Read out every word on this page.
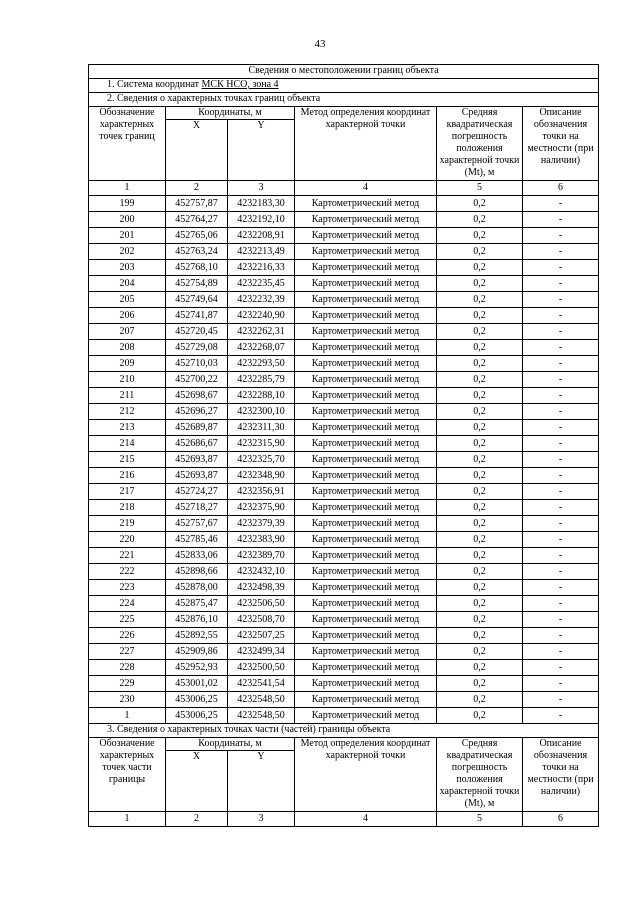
43
Сведения о местоположении границ объекта					
1. Система координат МСК НСО, зона 4					
2. Сведения о характерных точках границ объекта					
Обозначение характерных точек границ	Координаты, м		Метод определения координат характерной точки	Средняя квадратическая погрешность положения характерной точки (Mt), м	Описание обозначения точки на местности (при наличии)
	X	Y			
1	2	3	4	5	6
199	452757,87	4232183,30	Картометрический метод	0,2	-
200	452764,27	4232192,10	Картометрический метод	0,2	-
201	452765,06	4232208,91	Картометрический метод	0,2	-
202	452763,24	4232213,49	Картометрический метод	0,2	-
203	452768,10	4232216,33	Картометрический метод	0,2	-
204	452754,89	4232235,45	Картометрический метод	0,2	-
205	452749,64	4232232,39	Картометрический метод	0,2	-
206	452741,87	4232240,90	Картометрический метод	0,2	-
207	452720,45	4232262,31	Картометрический метод	0,2	-
208	452729,08	4232268,07	Картометрический метод	0,2	-
209	452710,03	4232293,50	Картометрический метод	0,2	-
210	452700,22	4232285,79	Картометрический метод	0,2	-
211	452698,67	4232288,10	Картометрический метод	0,2	-
212	452696,27	4232300,10	Картометрический метод	0,2	-
213	452689,87	4232311,30	Картометрический метод	0,2	-
214	452686,67	4232315,90	Картометрический метод	0,2	-
215	452693,87	4232325,70	Картометрический метод	0,2	-
216	452693,87	4232348,90	Картометрический метод	0,2	-
217	452724,27	4232356,91	Картометрический метод	0,2	-
218	452718,27	4232375,90	Картометрический метод	0,2	-
219	452757,67	4232379,39	Картометрический метод	0,2	-
220	452785,46	4232383,90	Картометрический метод	0,2	-
221	452833,06	4232389,70	Картометрический метод	0,2	-
222	452898,66	4232432,10	Картометрический метод	0,2	-
223	452878,00	4232498,39	Картометрический метод	0,2	-
224	452875,47	4232506,50	Картометрический метод	0,2	-
225	452876,10	4232508,70	Картометрический метод	0,2	-
226	452892,55	4232507,25	Картометрический метод	0,2	-
227	452909,86	4232499,34	Картометрический метод	0,2	-
228	452952,93	4232500,50	Картометрический метод	0,2	-
229	453001,02	4232541,54	Картометрический метод	0,2	-
230	453006,25	4232548,50	Картометрический метод	0,2	-
1	453006,25	4232548,50	Картометрический метод	0,2	-
3. Сведения о характерных точках части (частей) границы объекта					
Обозначение характерных точек части границы	Координаты, м		Метод определения координат характерной точки	Средняя квадратическая погрешность положения характерной точки (Mt), м	Описание обозначения точки на местности (при наличии)
	X	Y			
1	2	3	4	5	6
